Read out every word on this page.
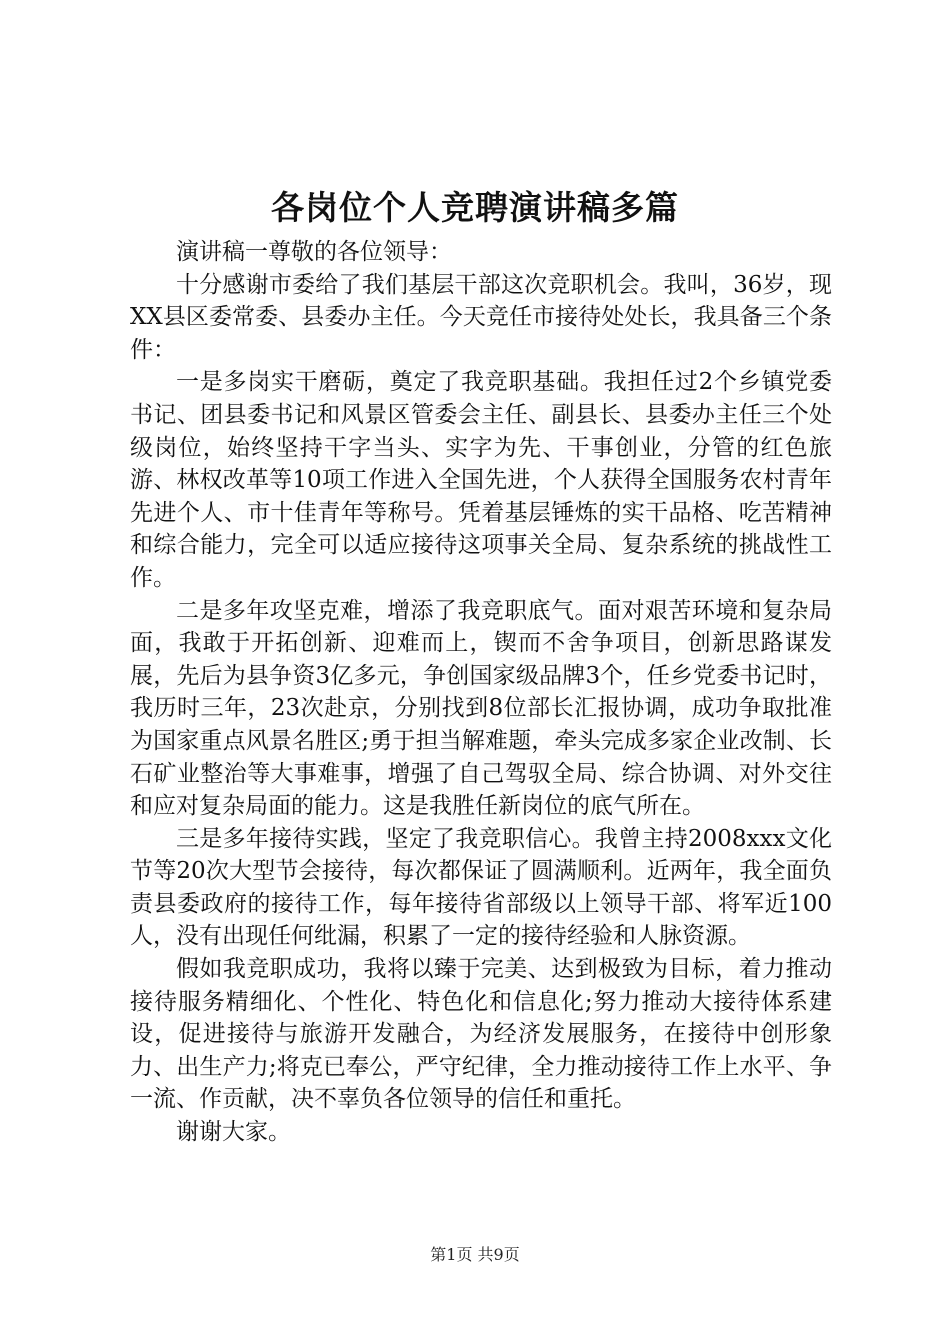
各岗位个人竞聘演讲稿多篇

演讲稿一尊敬的各位领导：

十分感谢市委给了我们基层干部这次竞职机会。我叫，36岁，现XX县区委常委、县委办主任。今天竞任市接待处处长，我具备三个条件：

一是多岗实干磨砺，奠定了我竞职基础。我担任过2个乡镇党委书记、团县委书记和风景区管委会主任、副县长、县委办主任三个处级岗位，始终坚持干字当头、实字为先、干事创业，分管的红色旅游、林权改革等10项工作进入全国先进，个人获得全国服务农村青年先进个人、市十佳青年等称号。凭着基层锤炼的实干品格、吃苦精神和综合能力，完全可以适应接待这项事关全局、复杂系统的挑战性工作。

二是多年攻坚克难，增添了我竞职底气。面对艰苦环境和复杂局面，我敢于开拓创新、迎难而上，锲而不舍争项目，创新思路谋发展，先后为县争资3亿多元，争创国家级品牌3个，任乡党委书记时，我历时三年，23次赴京，分别找到8位部长汇报协调，成功争取批准为国家重点风景名胜区;勇于担当解难题，牵头完成多家企业改制、长石矿业整治等大事难事，增强了自己驾驭全局、综合协调、对外交往和应对复杂局面的能力。这是我胜任新岗位的底气所在。

三是多年接待实践，坚定了我竞职信心。我曾主持2008xxx文化节等20次大型节会接待，每次都保证了圆满顺利。近两年，我全面负责县委政府的接待工作，每年接待省部级以上领导干部、将军近100人，没有出现任何纰漏，积累了一定的接待经验和人脉资源。

假如我竞职成功，我将以臻于完美、达到极致为目标，着力推动接待服务精细化、个性化、特色化和信息化;努力推动大接待体系建设，促进接待与旅游开发融合，为经济发展服务，在接待中创形象力、出生产力;将克已奉公，严守纪律，全力推动接待工作上水平、争一流、作贡献，决不辜负各位领导的信任和重托。

谢谢大家。

第1页 共9页
